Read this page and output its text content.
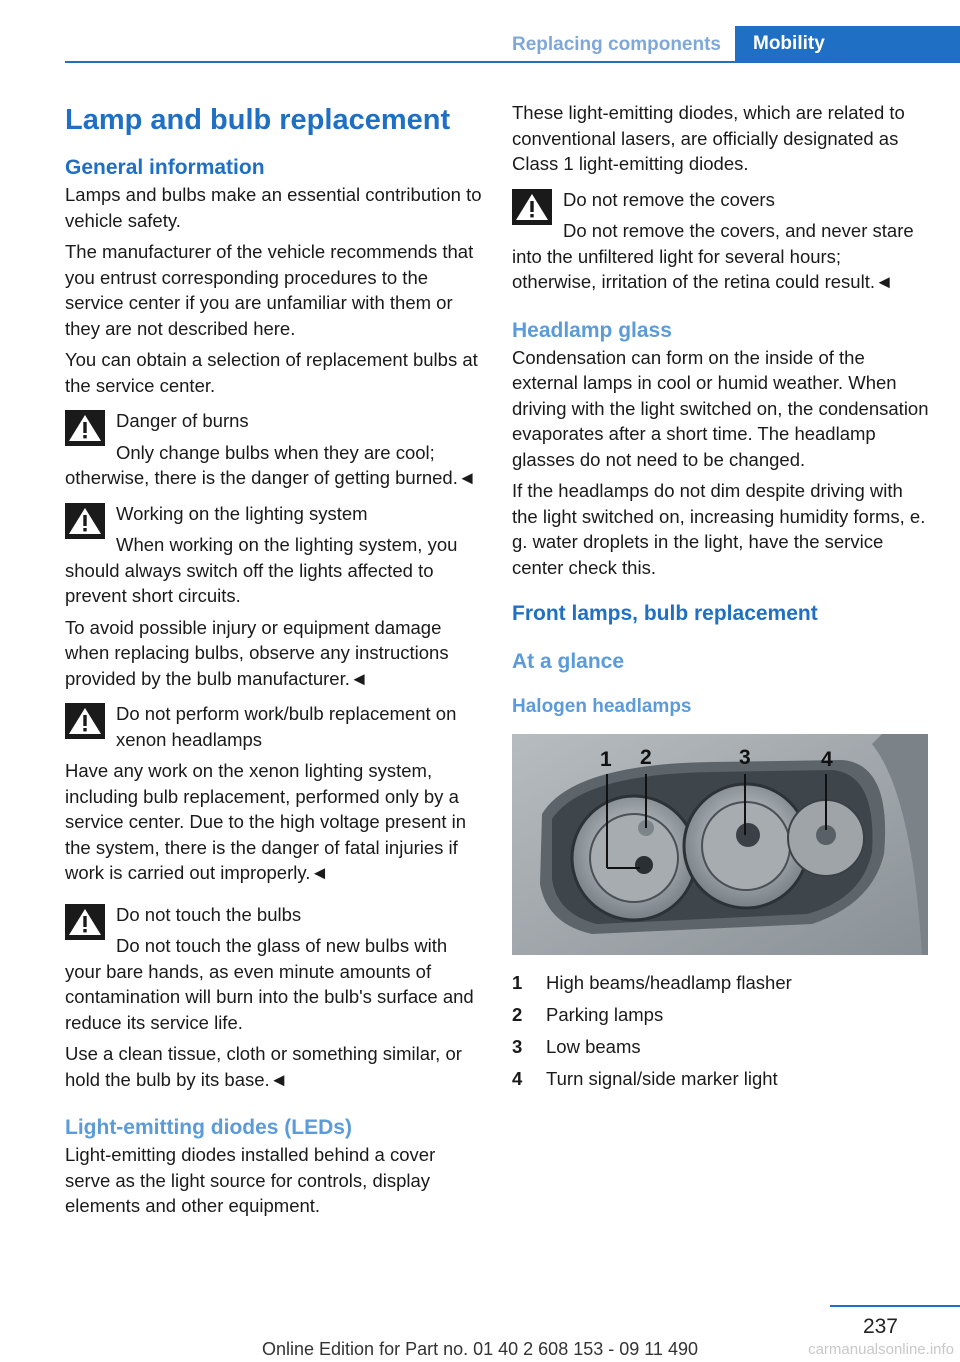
Replacing components	Mobility
Lamp and bulb replacement
General information

Lamps and bulbs make an essential contribution to vehicle safety.

The manufacturer of the vehicle recommends that you entrust corresponding procedures to the service center if you are unfamiliar with them or they are not described here.

You can obtain a selection of replacement bulbs at the service center.

Danger of burns
Only change bulbs when they are cool; otherwise, there is the danger of getting burned.◄
Working on the lighting system
When working on the lighting system, you should always switch off the lights affected to prevent short circuits.

To avoid possible injury or equipment damage when replacing bulbs, observe any instructions provided by the bulb manufacturer.◄

Do not perform work/bulb replacement on xenon headlamps
Have any work on the xenon lighting system, including bulb replacement, performed only by a service center. Due to the high voltage present in the system, there is the danger of fatal injuries if work is carried out improperly.◄
Do not touch the bulbs
Do not touch the glass of new bulbs with your bare hands, as even minute amounts of contamination will burn into the bulb's surface and reduce its service life.

Use a clean tissue, cloth or something similar, or hold the bulb by its base.◄

Light-emitting diodes (LEDs)

Light-emitting diodes installed behind a cover serve as the light source for controls, display elements and other equipment.

These light-emitting diodes, which are related to conventional lasers, are officially designated as Class 1 light-emitting diodes.

Do not remove the covers
Do not remove the covers, and never stare into the unfiltered light for several hours; otherwise, irritation of the retina could result.◄
Headlamp glass

Condensation can form on the inside of the external lamps in cool or humid weather. When driving with the light switched on, the condensation evaporates after a short time. The headlamp glasses do not need to be changed.

If the headlamps do not dim despite driving with the light switched on, increasing humidity forms, e. g. water droplets in the light, have the service center check this.

Front lamps, bulb replacement
At a glance
Halogen headlamps
1 2	3	4
1	High beams/headlamp flasher
2	Parking lamps
3	Low beams
4	Turn signal/side marker light
237
Online Edition for Part no. 01 40 2 608 153 - 09 11 490	carmanualsonline.info
